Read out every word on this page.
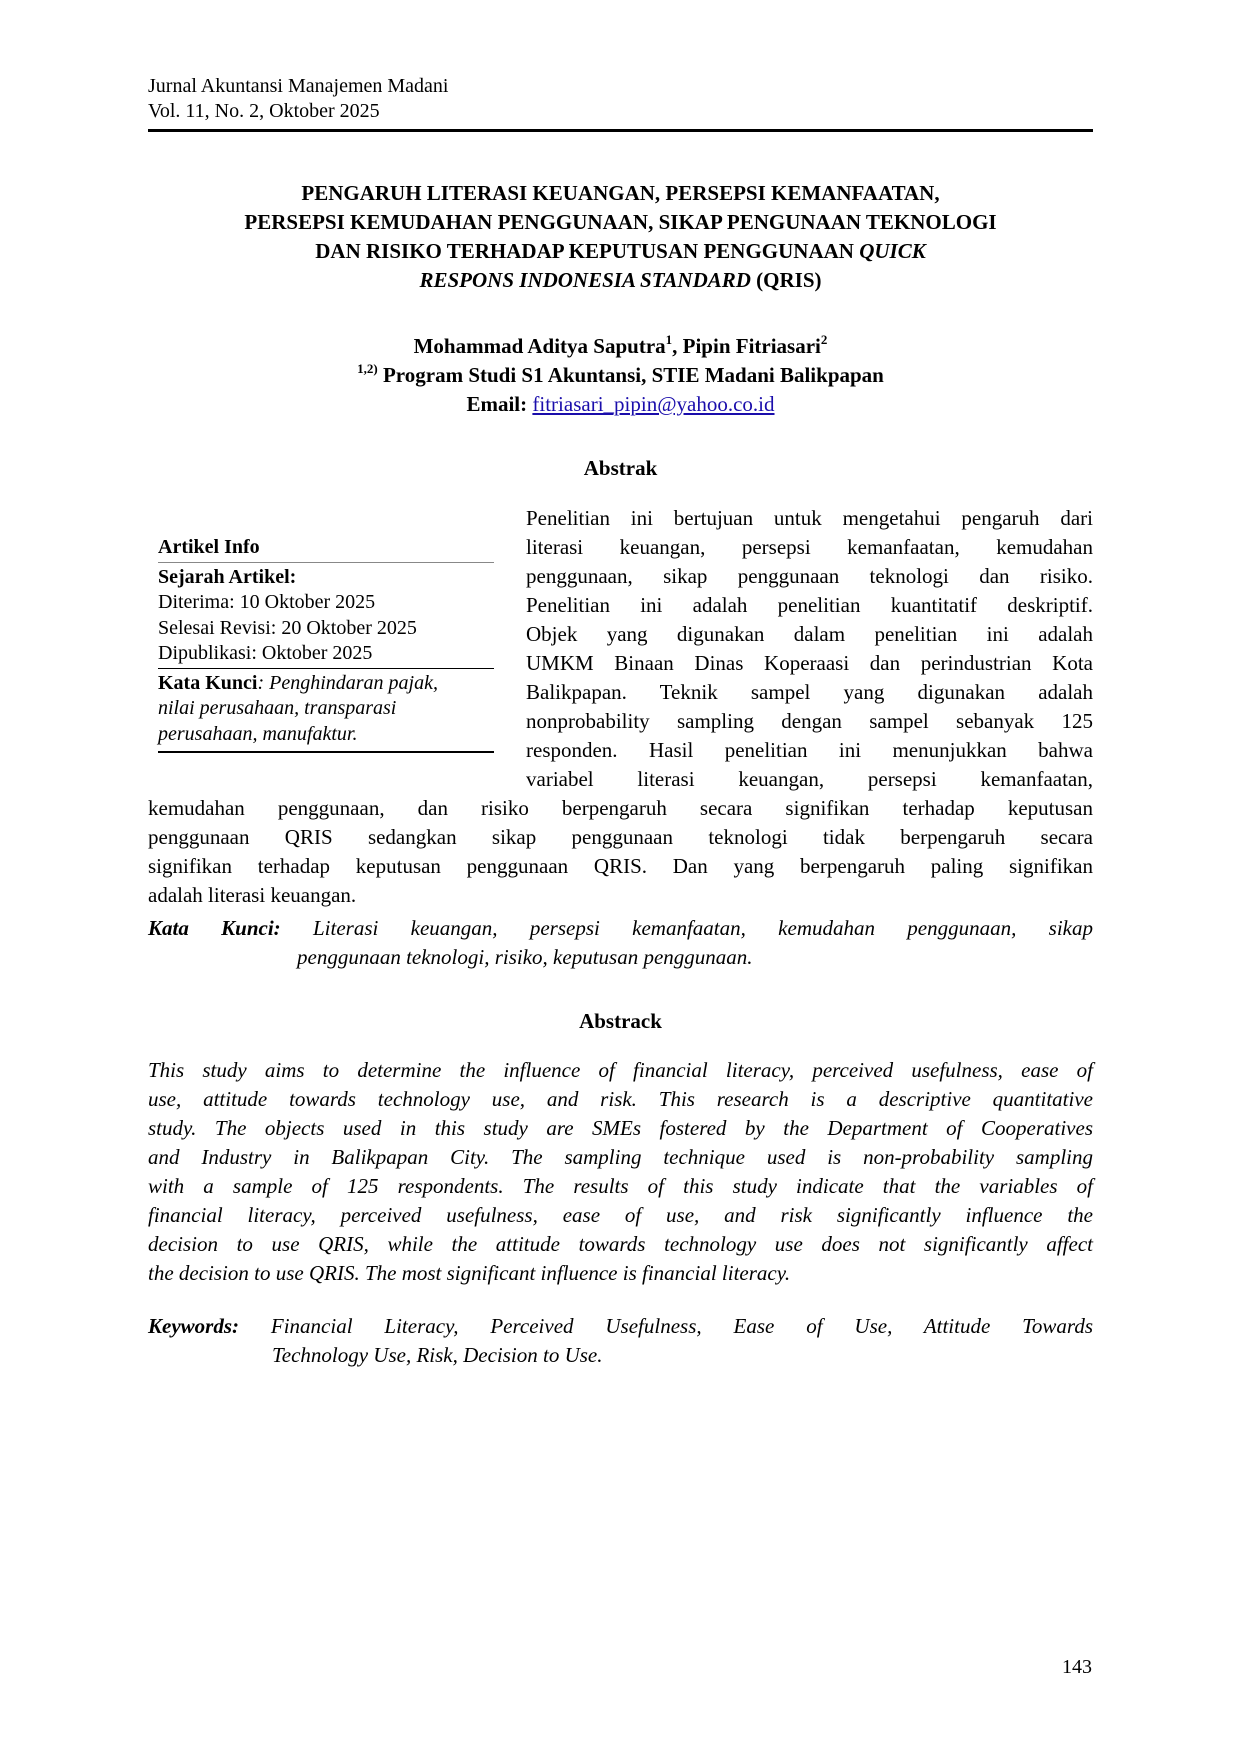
Jurnal Akuntansi Manajemen Madani
Vol. 11, No. 2, Oktober 2025
PENGARUH LITERASI KEUANGAN, PERSEPSI KEMANFAATAN,
PERSEPSI KEMUDAHAN PENGGUNAAN, SIKAP PENGUNAAN TEKNOLOGI
DAN RISIKO TERHADAP KEPUTUSAN PENGGUNAAN QUICK
RESPONS INDONESIA STANDARD (QRIS)
Mohammad Aditya Saputra$^1$, Pipin Fitriasari$^2$
$^{1,2)}$ Program Studi S1 Akuntansi, STIE Madani Balikpapan
Email: fitriasari_pipin@yahoo.co.id
Abstrak
Artikel Info
Sejarah Artikel:
Diterima: 10 Oktober 2025
Selesai Revisi: 20 Oktober 2025
Dipublikasi: Oktober 2025
Kata Kunci: Penghindaran pajak,
nilai perusahaan, transparasi
perusahaan, manufaktur.
Penelitian ini bertujuan untuk mengetahui pengaruh dari
literasi keuangan, persepsi kemanfaatan, kemudahan
penggunaan, sikap penggunaan teknologi dan risiko.
Penelitian ini adalah penelitian kuantitatif deskriptif.
Objek yang digunakan dalam penelitian ini adalah
UMKM Binaan Dinas Koperaasi dan perindustrian Kota
Balikpapan. Teknik sampel yang digunakan adalah
nonprobability sampling dengan sampel sebanyak 125
responden. Hasil penelitian ini menunjukkan bahwa
variabel literasi keuangan, persepsi kemanfaatan,
kemudahan penggunaan, dan risiko berpengaruh secara signifikan terhadap keputusan
penggunaan QRIS sedangkan sikap penggunaan teknologi tidak berpengaruh secara
signifikan terhadap keputusan penggunaan QRIS. Dan yang berpengaruh paling signifikan
adalah literasi keuangan.
Kata Kunci: Literasi keuangan, persepsi kemanfaatan, kemudahan penggunaan, sikap
penggunaan teknologi, risiko, keputusan penggunaan.
Abstrack
This study aims to determine the influence of financial literacy, perceived usefulness, ease of
use, attitude towards technology use, and risk. This research is a descriptive quantitative
study. The objects used in this study are SMEs fostered by the Department of Cooperatives
and Industry in Balikpapan City. The sampling technique used is non-probability sampling
with a sample of 125 respondents. The results of this study indicate that the variables of
financial literacy, perceived usefulness, ease of use, and risk significantly influence the
decision to use QRIS, while the attitude towards technology use does not significantly affect
the decision to use QRIS. The most significant influence is financial literacy.
Keywords: Financial Literacy, Perceived Usefulness, Ease of Use, Attitude Towards
Technology Use, Risk, Decision to Use.
143
